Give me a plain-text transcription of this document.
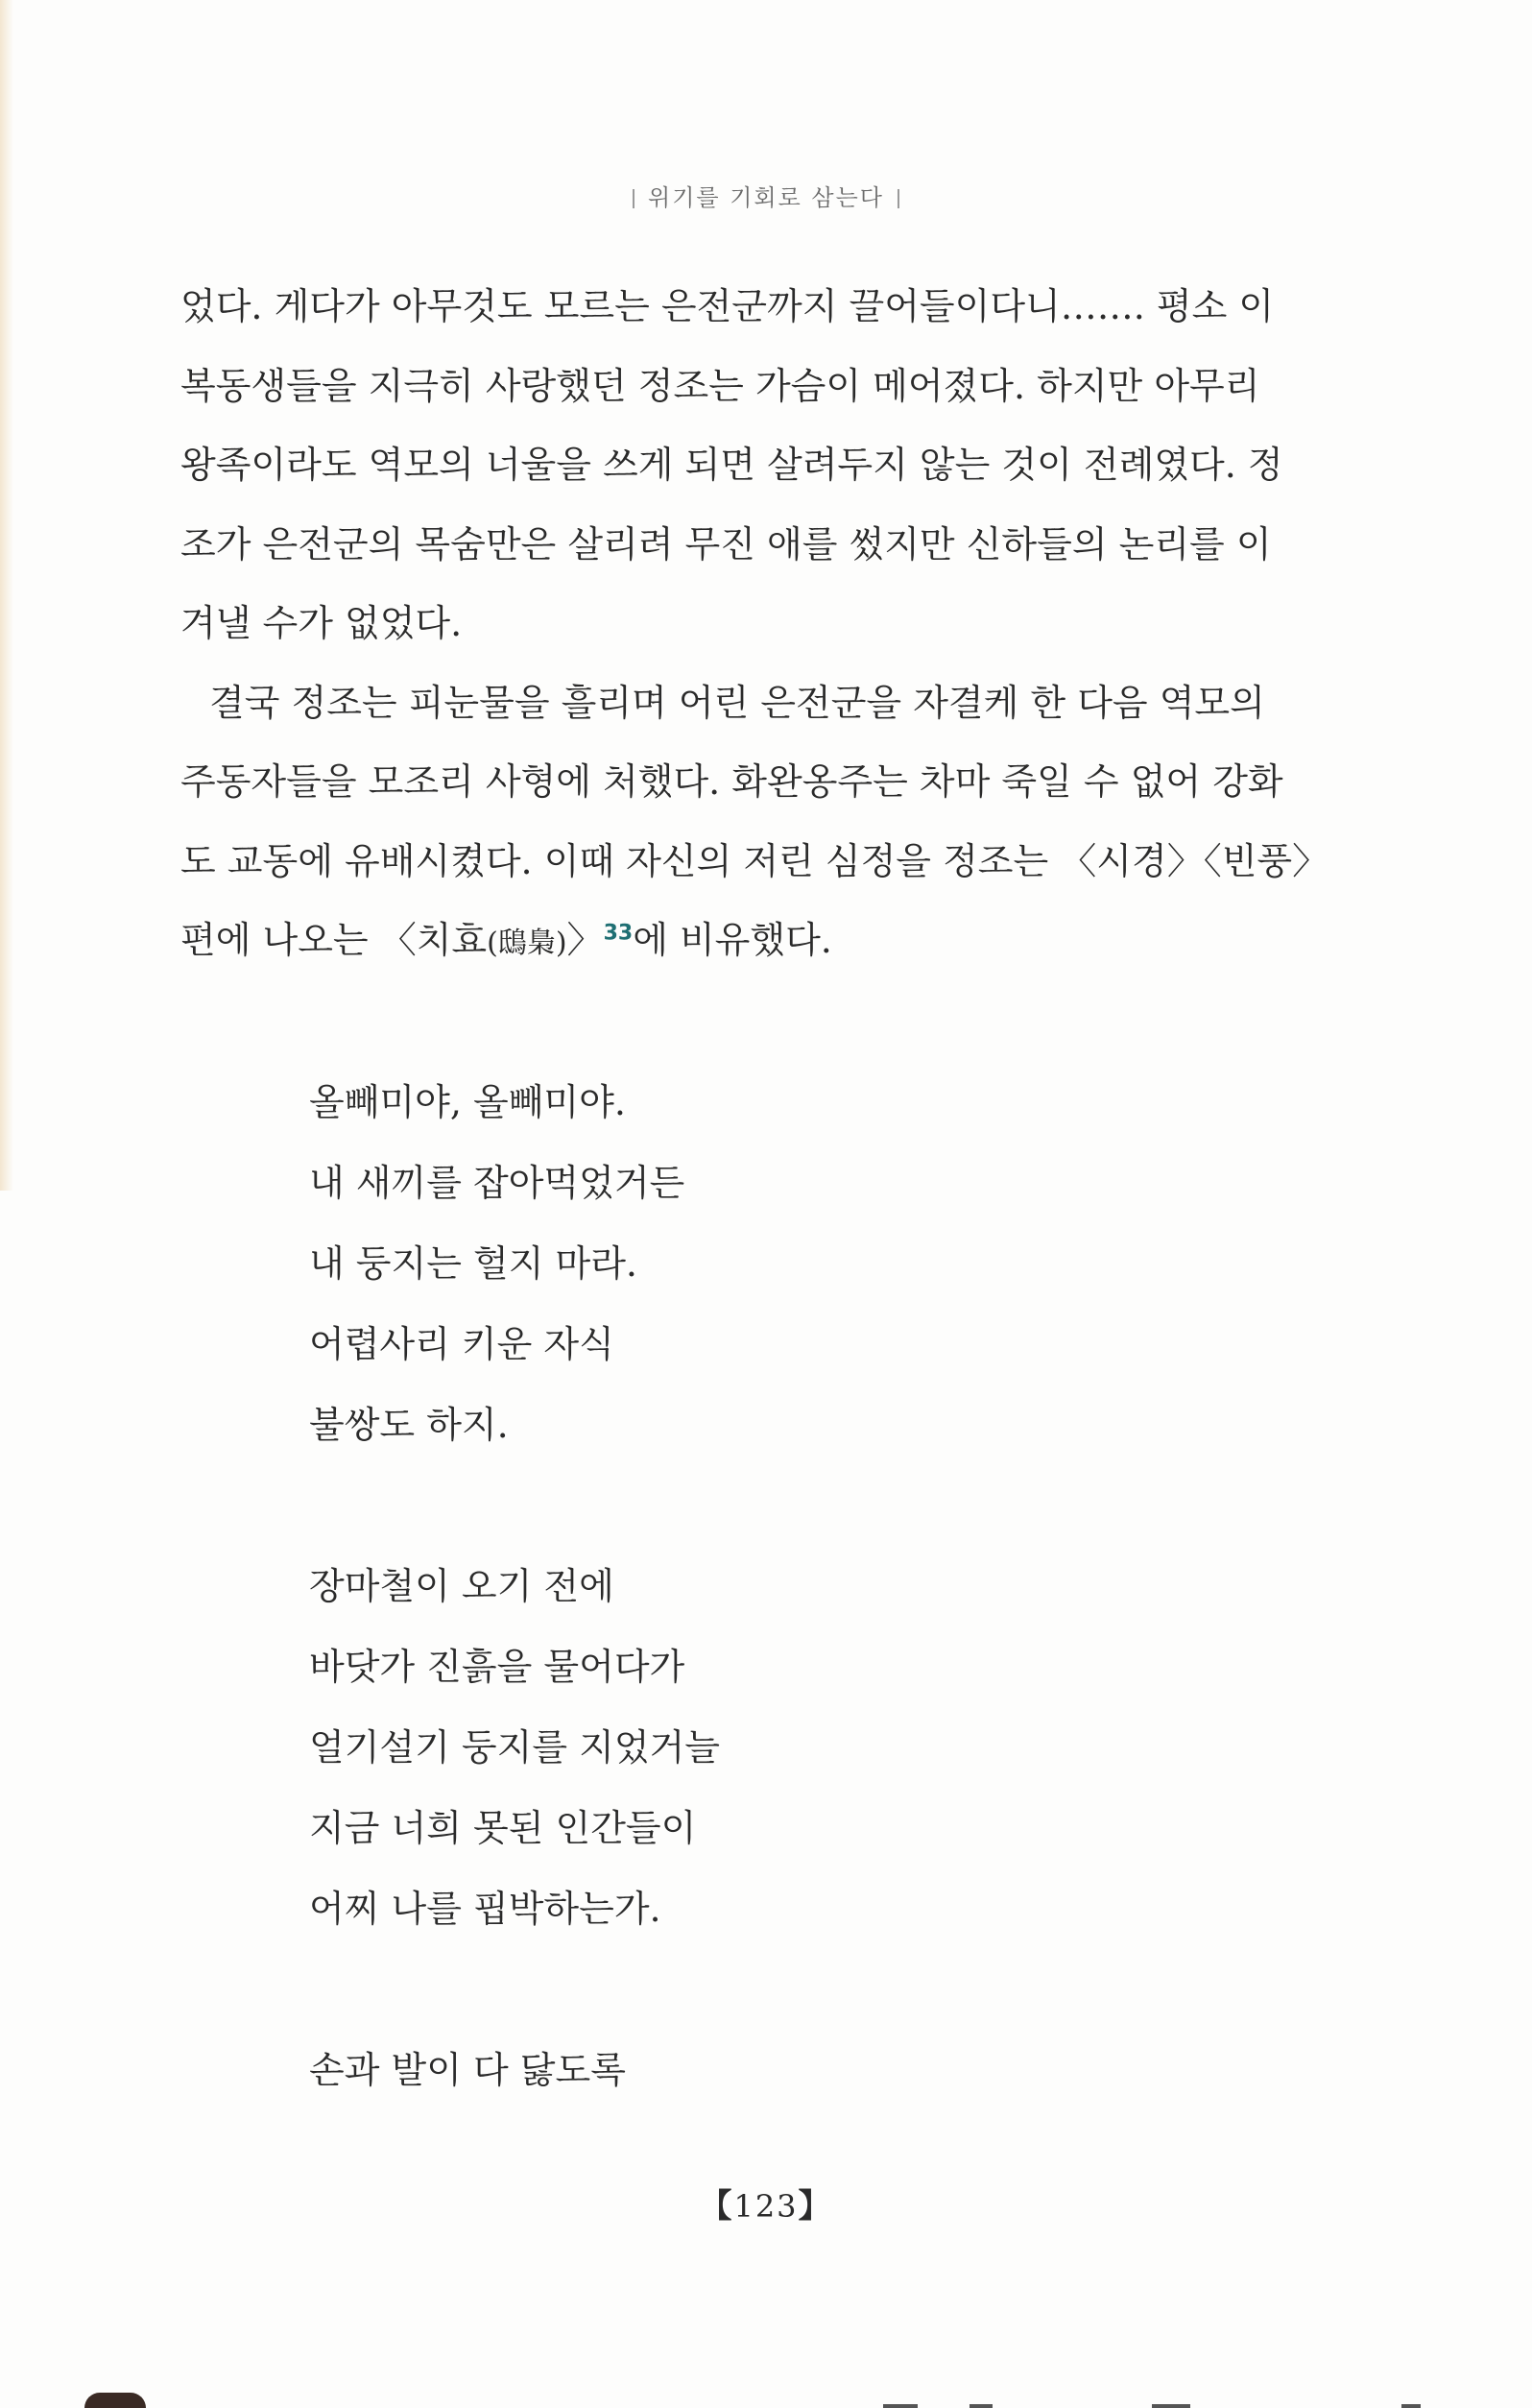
위기를 기회로 삼는다
었다. 게다가 아무것도 모르는 은전군까지 끌어들이다니……. 평소 이
복동생들을 지극히 사랑했던 정조는 가슴이 메어졌다. 하지만 아무리
왕족이라도 역모의 너울을 쓰게 되면 살려두지 않는 것이 전례였다. 정
조가 은전군의 목숨만은 살리려 무진 애를 썼지만 신하들의 논리를 이
겨낼 수가 없었다.
결국 정조는 피눈물을 흘리며 어린 은전군을 자결케 한 다음 역모의
주동자들을 모조리 사형에 처했다. 화완옹주는 차마 죽일 수 없어 강화
도 교동에 유배시켰다. 이때 자신의 저린 심정을 정조는 〈시경〉〈빈풍〉
편에 나오는 〈치효(鴟梟)〉$^{33}$에 비유했다.
올빼미야, 올빼미야.
내 새끼를 잡아먹었거든
내 둥지는 헐지 마라.
어렵사리 키운 자식
불쌍도 하지.
장마철이 오기 전에
바닷가 진흙을 물어다가
얼기설기 둥지를 지었거늘
지금 너희 못된 인간들이
어찌 나를 핍박하는가.
손과 발이 다 닳도록
【123】
